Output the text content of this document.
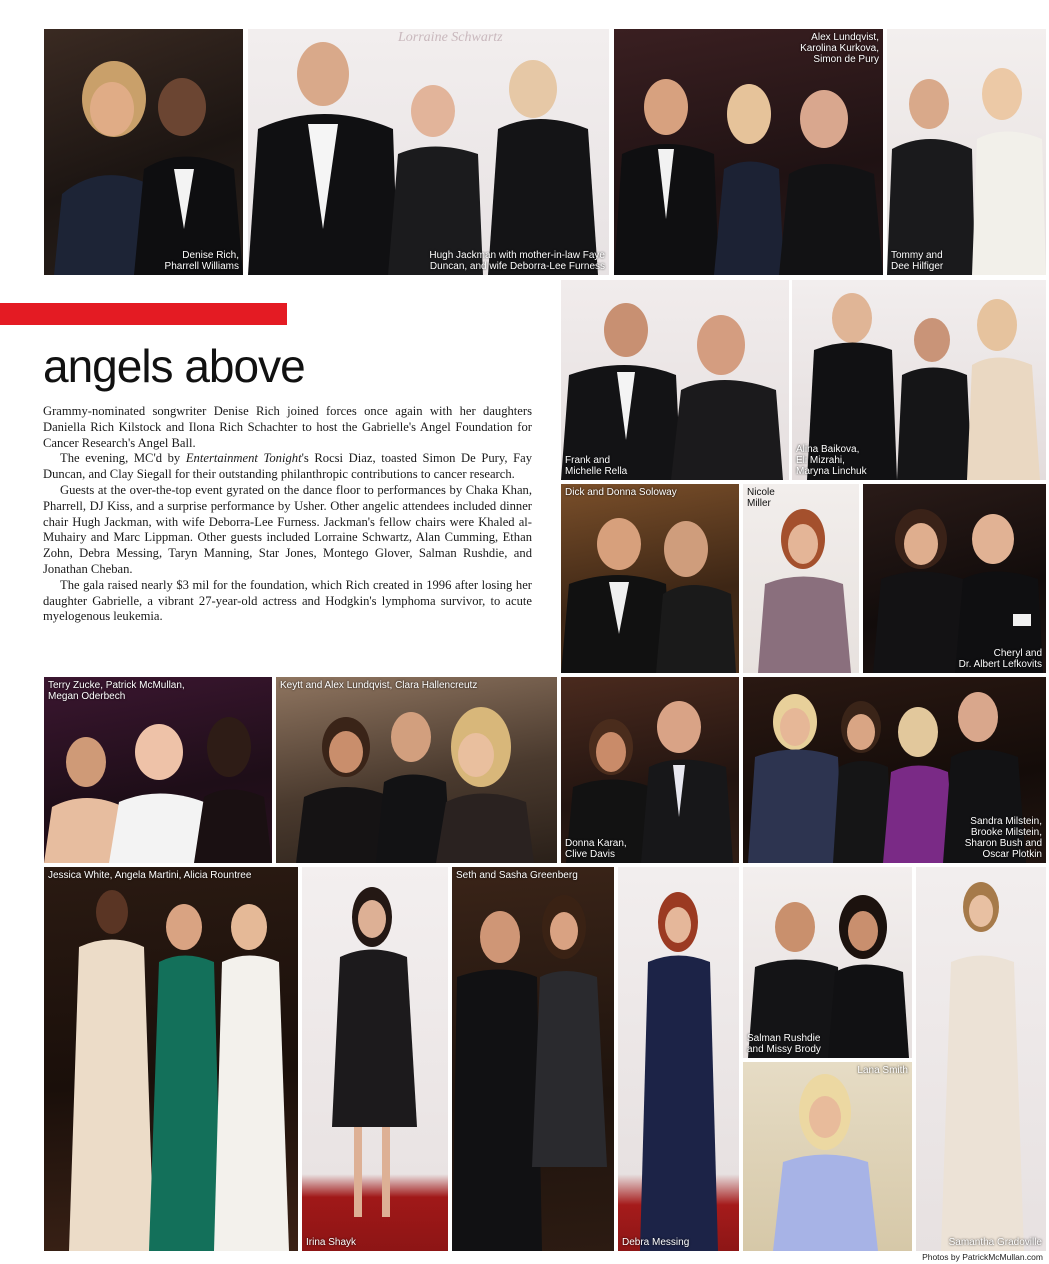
Denise Rich,
Pharrell Williams
Lorraine Schwartz
Hugh Jackman with mother-in-law Faye
Duncan, and wife Deborra-Lee Furness
Alex Lundqvist,
Karolina Kurkova,
Simon de Pury
Tommy and
Dee Hilfiger
angels above

Grammy-nominated songwriter Denise Rich joined forces once again with her daughters Daniella Rich Kilstock and Ilona Rich Schachter to host the Gabrielle's Angel Foundation for Cancer Research's Angel Ball.

The evening, MC'd by Entertainment Tonight's Rocsi Diaz, toasted Simon De Pury, Fay Duncan, and Clay Siegall for their outstanding philanthropic contributions to cancer research.

Guests at the over-the-top event gyrated on the dance floor to performances by Chaka Khan, Pharrell, DJ Kiss, and a surprise performance by Usher. Other angelic attendees included dinner chair Hugh Jackman, with wife Deborra-Lee Furness. Jackman's fellow chairs were Khaled al-Muhairy and Marc Lippman. Other guests included Lorraine Schwartz, Alan Cumming, Ethan Zohn, Debra Messing, Taryn Manning, Star Jones, Montego Glover, Salman Rushdie, and Jonathan Cheban.

The gala raised nearly $3 mil for the foundation, which Rich created in 1996 after losing her daughter Gabrielle, a vibrant 27-year-old actress and Hodgkin's lymphoma survivor, to acute myelogenous leukemia.

Frank and
Michelle Rella
Alina Baikova,
Eli Mizrahi,
Maryna Linchuk
Dick and Donna Soloway	Nicole
Miller
Cheryl and
Dr. Albert Lefkovits
Terry Zucke, Patrick McMullan,
Megan Oderbech
Keytt and Alex Lundqvist, Clara Hallencreutz
Donna Karan,
Clive Davis
Sandra Milstein,
Brooke Milstein,
Sharon Bush and
Oscar Plotkin
Jessica White, Angela Martini, Alicia Rountree
Irina Shayk
Seth and Sasha Greenberg
Debra Messing
Salman Rushdie
and Missy Brody
Lana Smith
Samantha Gradoville
Photos by PatrickMcMullan.com
